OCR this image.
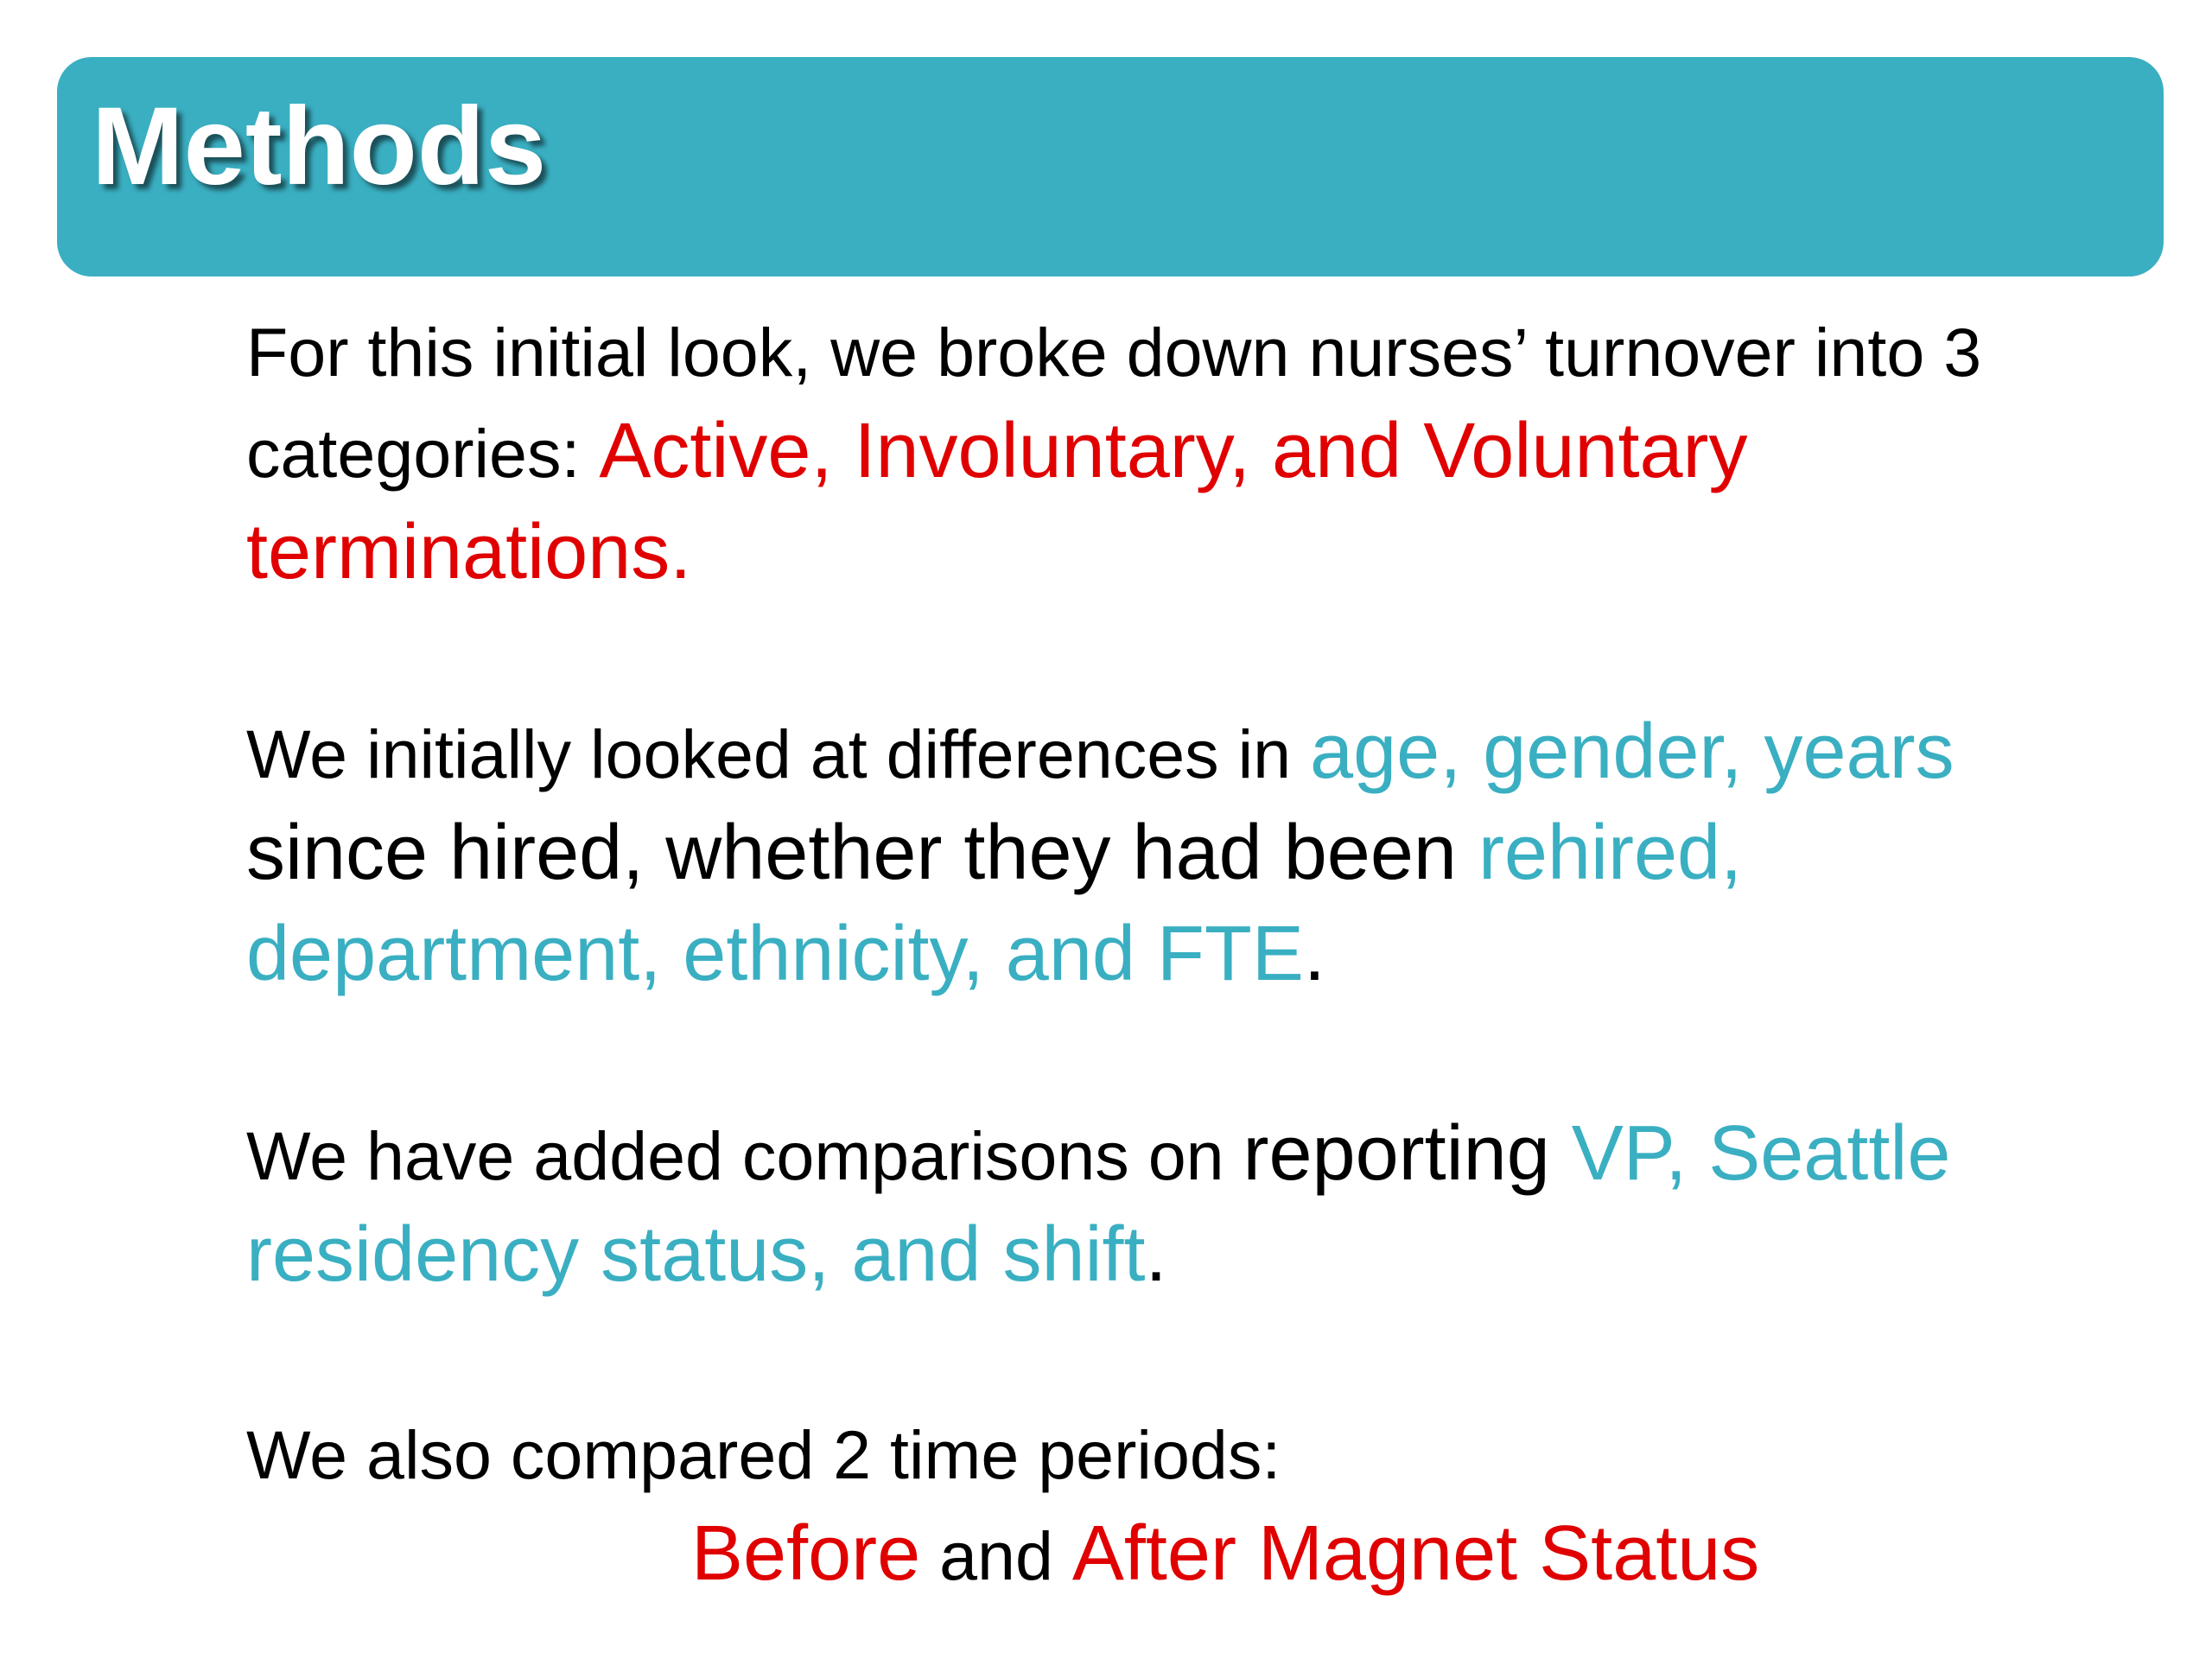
Methods

For this initial look, we broke down nurses’ turnover into 3 categories: Active, Involuntary, and Voluntary terminations.

We initially looked at differences in age, gender, years since hired, whether they had been rehired, department, ethnicity, and FTE.

We have added comparisons on reporting VP, Seattle residency status, and shift.

We also compared 2 time periods:
Before and After Magnet Status
